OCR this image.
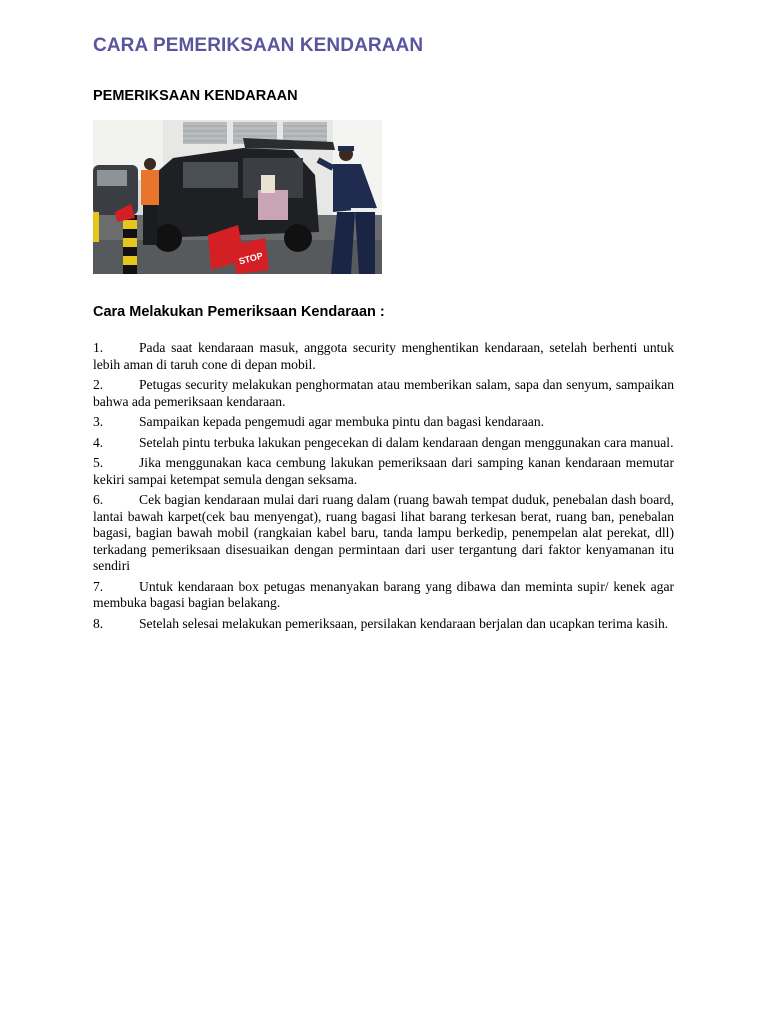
CARA PEMERIKSAAN KENDARAAN
PEMERIKSAAN KENDARAAN
STOP
Cara Melakukan Pemeriksaan Kendaraan :
1.	Pada saat kendaraan masuk, anggota security menghentikan kendaraan, setelah berhenti untuk lebih aman di taruh cone di depan mobil.
2.	Petugas security melakukan penghormatan atau memberikan salam, sapa dan senyum, sampaikan bahwa ada pemeriksaan kendaraan.
3.	Sampaikan kepada pengemudi agar membuka pintu dan bagasi kendaraan.
4.	Setelah pintu terbuka lakukan pengecekan di dalam kendaraan dengan menggunakan cara manual.
5.	Jika menggunakan kaca cembung lakukan pemeriksaan dari samping kanan kendaraan memutar kekiri sampai ketempat semula dengan seksama.
6.	Cek bagian kendaraan mulai dari ruang dalam (ruang bawah tempat duduk, penebalan dash board, lantai bawah karpet(cek bau menyengat), ruang bagasi lihat barang terkesan berat, ruang ban, penebalan bagasi, bagian bawah mobil (rangkaian kabel baru, tanda lampu berkedip, penempelan alat perekat, dll) terkadang pemeriksaan disesuaikan dengan permintaan dari user tergantung dari faktor kenyamanan itu sendiri
7.	Untuk kendaraan box petugas menanyakan barang yang dibawa dan meminta supir/ kenek agar membuka bagasi bagian belakang.
8.	Setelah selesai melakukan pemeriksaan, persilakan kendaraan berjalan dan ucapkan terima kasih.
